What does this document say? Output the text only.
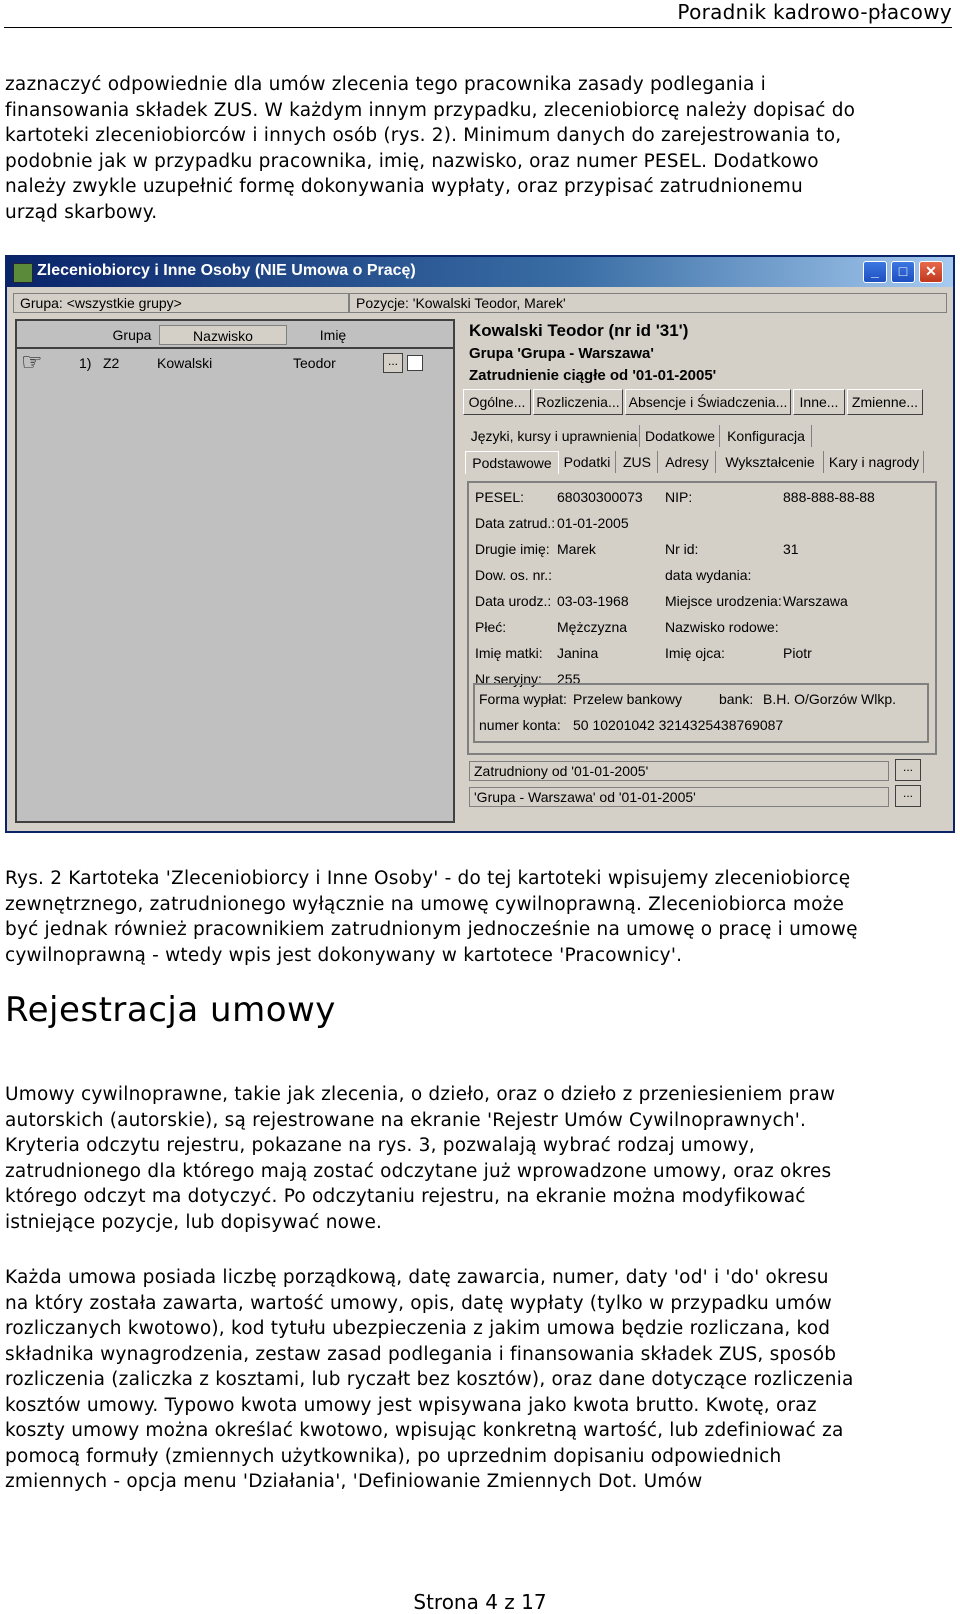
Poradnik kadrowo-płacowy
zaznaczyć odpowiednie dla umów zlecenia tego pracownika zasady podlegania i
finansowania składek ZUS. W każdym innym przypadku, zleceniobiorcę należy dopisać do
kartoteki zleceniobiorców i innych osób (rys. 2). Minimum danych do zarejestrowania to,
podobnie jak w przypadku pracownika, imię, nazwisko, oraz numer PESEL. Dodatkowo
należy zwykle uzupełnić formę dokonywania wypłaty, oraz przypisać zatrudnionemu
urząd skarbowy.
Zleceniobiorcy i Inne Osoby (NIE Umowa o Pracę)	_	□	✕
Grupa: <wszystkie grupy>	Pozycje: 'Kowalski Teodor, Marek'
Grupa	Nazwisko	Imię
☞	1) Z2	Kowalski	Teodor	...
Kowalski Teodor (nr id '31')
Grupa 'Grupa - Warszawa'
Zatrudnienie ciągłe od '01-01-2005'
Ogólne... Rozliczenia... Absencje i Świadczenia... Inne... Zmienne...
Języki, kursy i uprawnienia Dodatkowe Konfiguracja
Podstawowe Podatki ZUS	Adresy	Wykształcenie	Kary i nagrody
PESEL: 68030300073 NIP:	888-888-88-88
Data zatrud.: 01-01-2005
Drugie imię: Marek	Nr id:	31
Dow. os. nr.:	data wydania:
Data urodz.: 03-03-1968	Miejsce urodzenia: Warszawa
Płeć:	Mężczyzna	Nazwisko rodowe:
Imię matki: Janina	Imię ojca:	Piotr
Nr seryjny: 255
Forma wypłat: Przelew bankowy	bank: B.H. O/Gorzów Wlkp.
numer konta: 50 10201042 3214325438769087
Zatrudniony od '01-01-2005'	...
'Grupa - Warszawa' od '01-01-2005'	...
Rys. 2 Kartoteka 'Zleceniobiorcy i Inne Osoby' - do tej kartoteki wpisujemy zleceniobiorcę
zewnętrznego, zatrudnionego wyłącznie na umowę cywilnoprawną. Zleceniobiorca może
być jednak również pracownikiem zatrudnionym jednocześnie na umowę o pracę i umowę
cywilnoprawną - wtedy wpis jest dokonywany w kartotece 'Pracownicy'.
Rejestracja umowy
Umowy cywilnoprawne, takie jak zlecenia, o dzieło, oraz o dzieło z przeniesieniem praw
autorskich (autorskie), są rejestrowane na ekranie 'Rejestr Umów Cywilnoprawnych'.
Kryteria odczytu rejestru, pokazane na rys. 3, pozwalają wybrać rodzaj umowy,
zatrudnionego dla którego mają zostać odczytane już wprowadzone umowy, oraz okres
którego odczyt ma dotyczyć. Po odczytaniu rejestru, na ekranie można modyfikować
istniejące pozycje, lub dopisywać nowe.
Każda umowa posiada liczbę porządkową, datę zawarcia, numer, daty 'od' i 'do' okresu
na który została zawarta, wartość umowy, opis, datę wypłaty (tylko w przypadku umów
rozliczanych kwotowo), kod tytułu ubezpieczenia z jakim umowa będzie rozliczana, kod
składnika wynagrodzenia, zestaw zasad podlegania i finansowania składek ZUS, sposób
rozliczenia (zaliczka z kosztami, lub ryczałt bez kosztów), oraz dane dotyczące rozliczenia
kosztów umowy. Typowo kwota umowy jest wpisywana jako kwota brutto. Kwotę, oraz
koszty umowy można określać kwotowo, wpisując konkretną wartość, lub zdefiniować za
pomocą formuły (zmiennych użytkownika), po uprzednim dopisaniu odpowiednich
zmiennych - opcja menu 'Działania', 'Definiowanie Zmiennych Dot. Umów
Strona 4 z 17
